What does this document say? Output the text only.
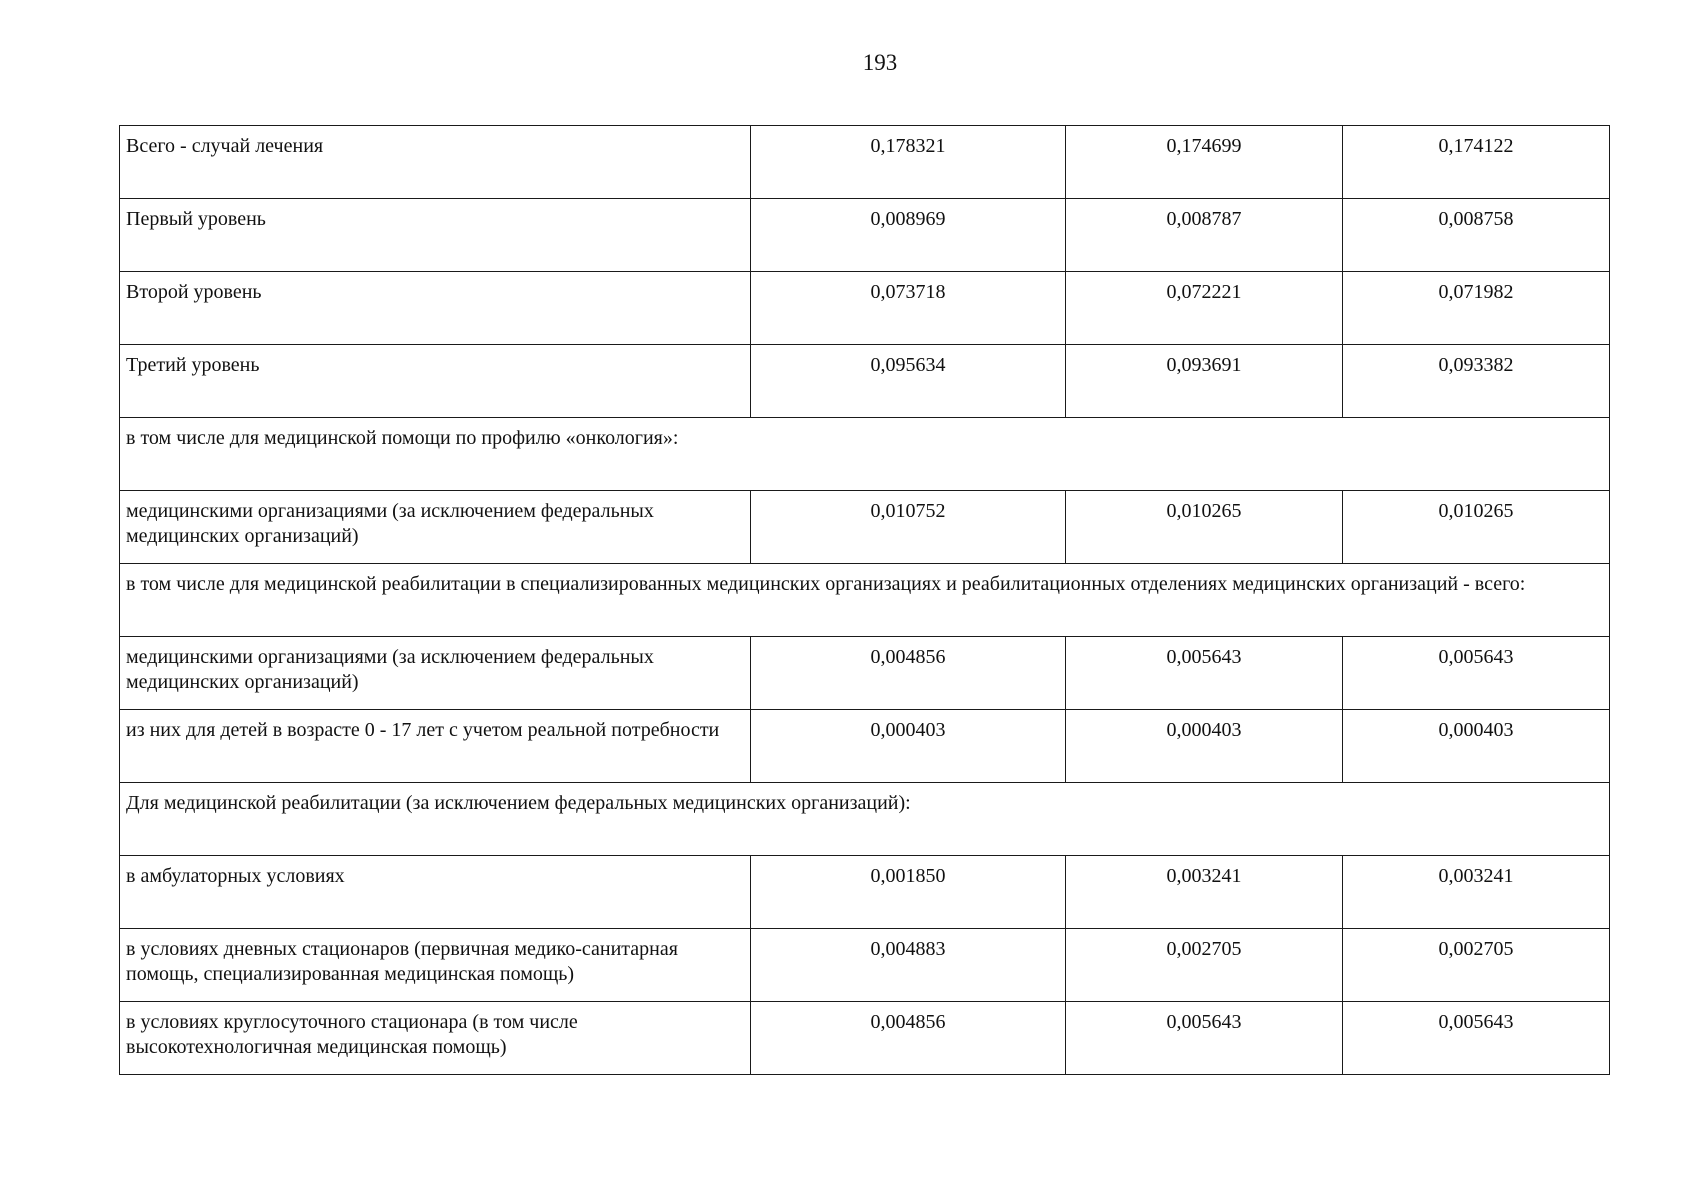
193
Всего - случай лечения	0,178321	0,174699	0,174122
Первый уровень	0,008969	0,008787	0,008758
Второй уровень	0,073718	0,072221	0,071982
Третий уровень	0,095634	0,093691	0,093382
в том числе для медицинской помощи по профилю «онкология»:			
медицинскими организациями (за исключением федеральных медицинских организаций)	0,010752	0,010265	0,010265
в том числе для медицинской реабилитации в специализированных медицинских организациях и реабилитационных отделениях медицинских организаций - всего:			
медицинскими организациями (за исключением федеральных медицинских организаций)	0,004856	0,005643	0,005643
из них для детей в возрасте 0 - 17 лет с учетом реальной потребности	0,000403	0,000403	0,000403
Для медицинской реабилитации (за исключением федеральных медицинских организаций):			
в амбулаторных условиях	0,001850	0,003241	0,003241
в условиях дневных стационаров (первичная медико-санитарная помощь, специализированная медицинская помощь)	0,004883	0,002705	0,002705
в условиях круглосуточного стационара (в том числе высокотехнологичная медицинская помощь)	0,004856	0,005643	0,005643
